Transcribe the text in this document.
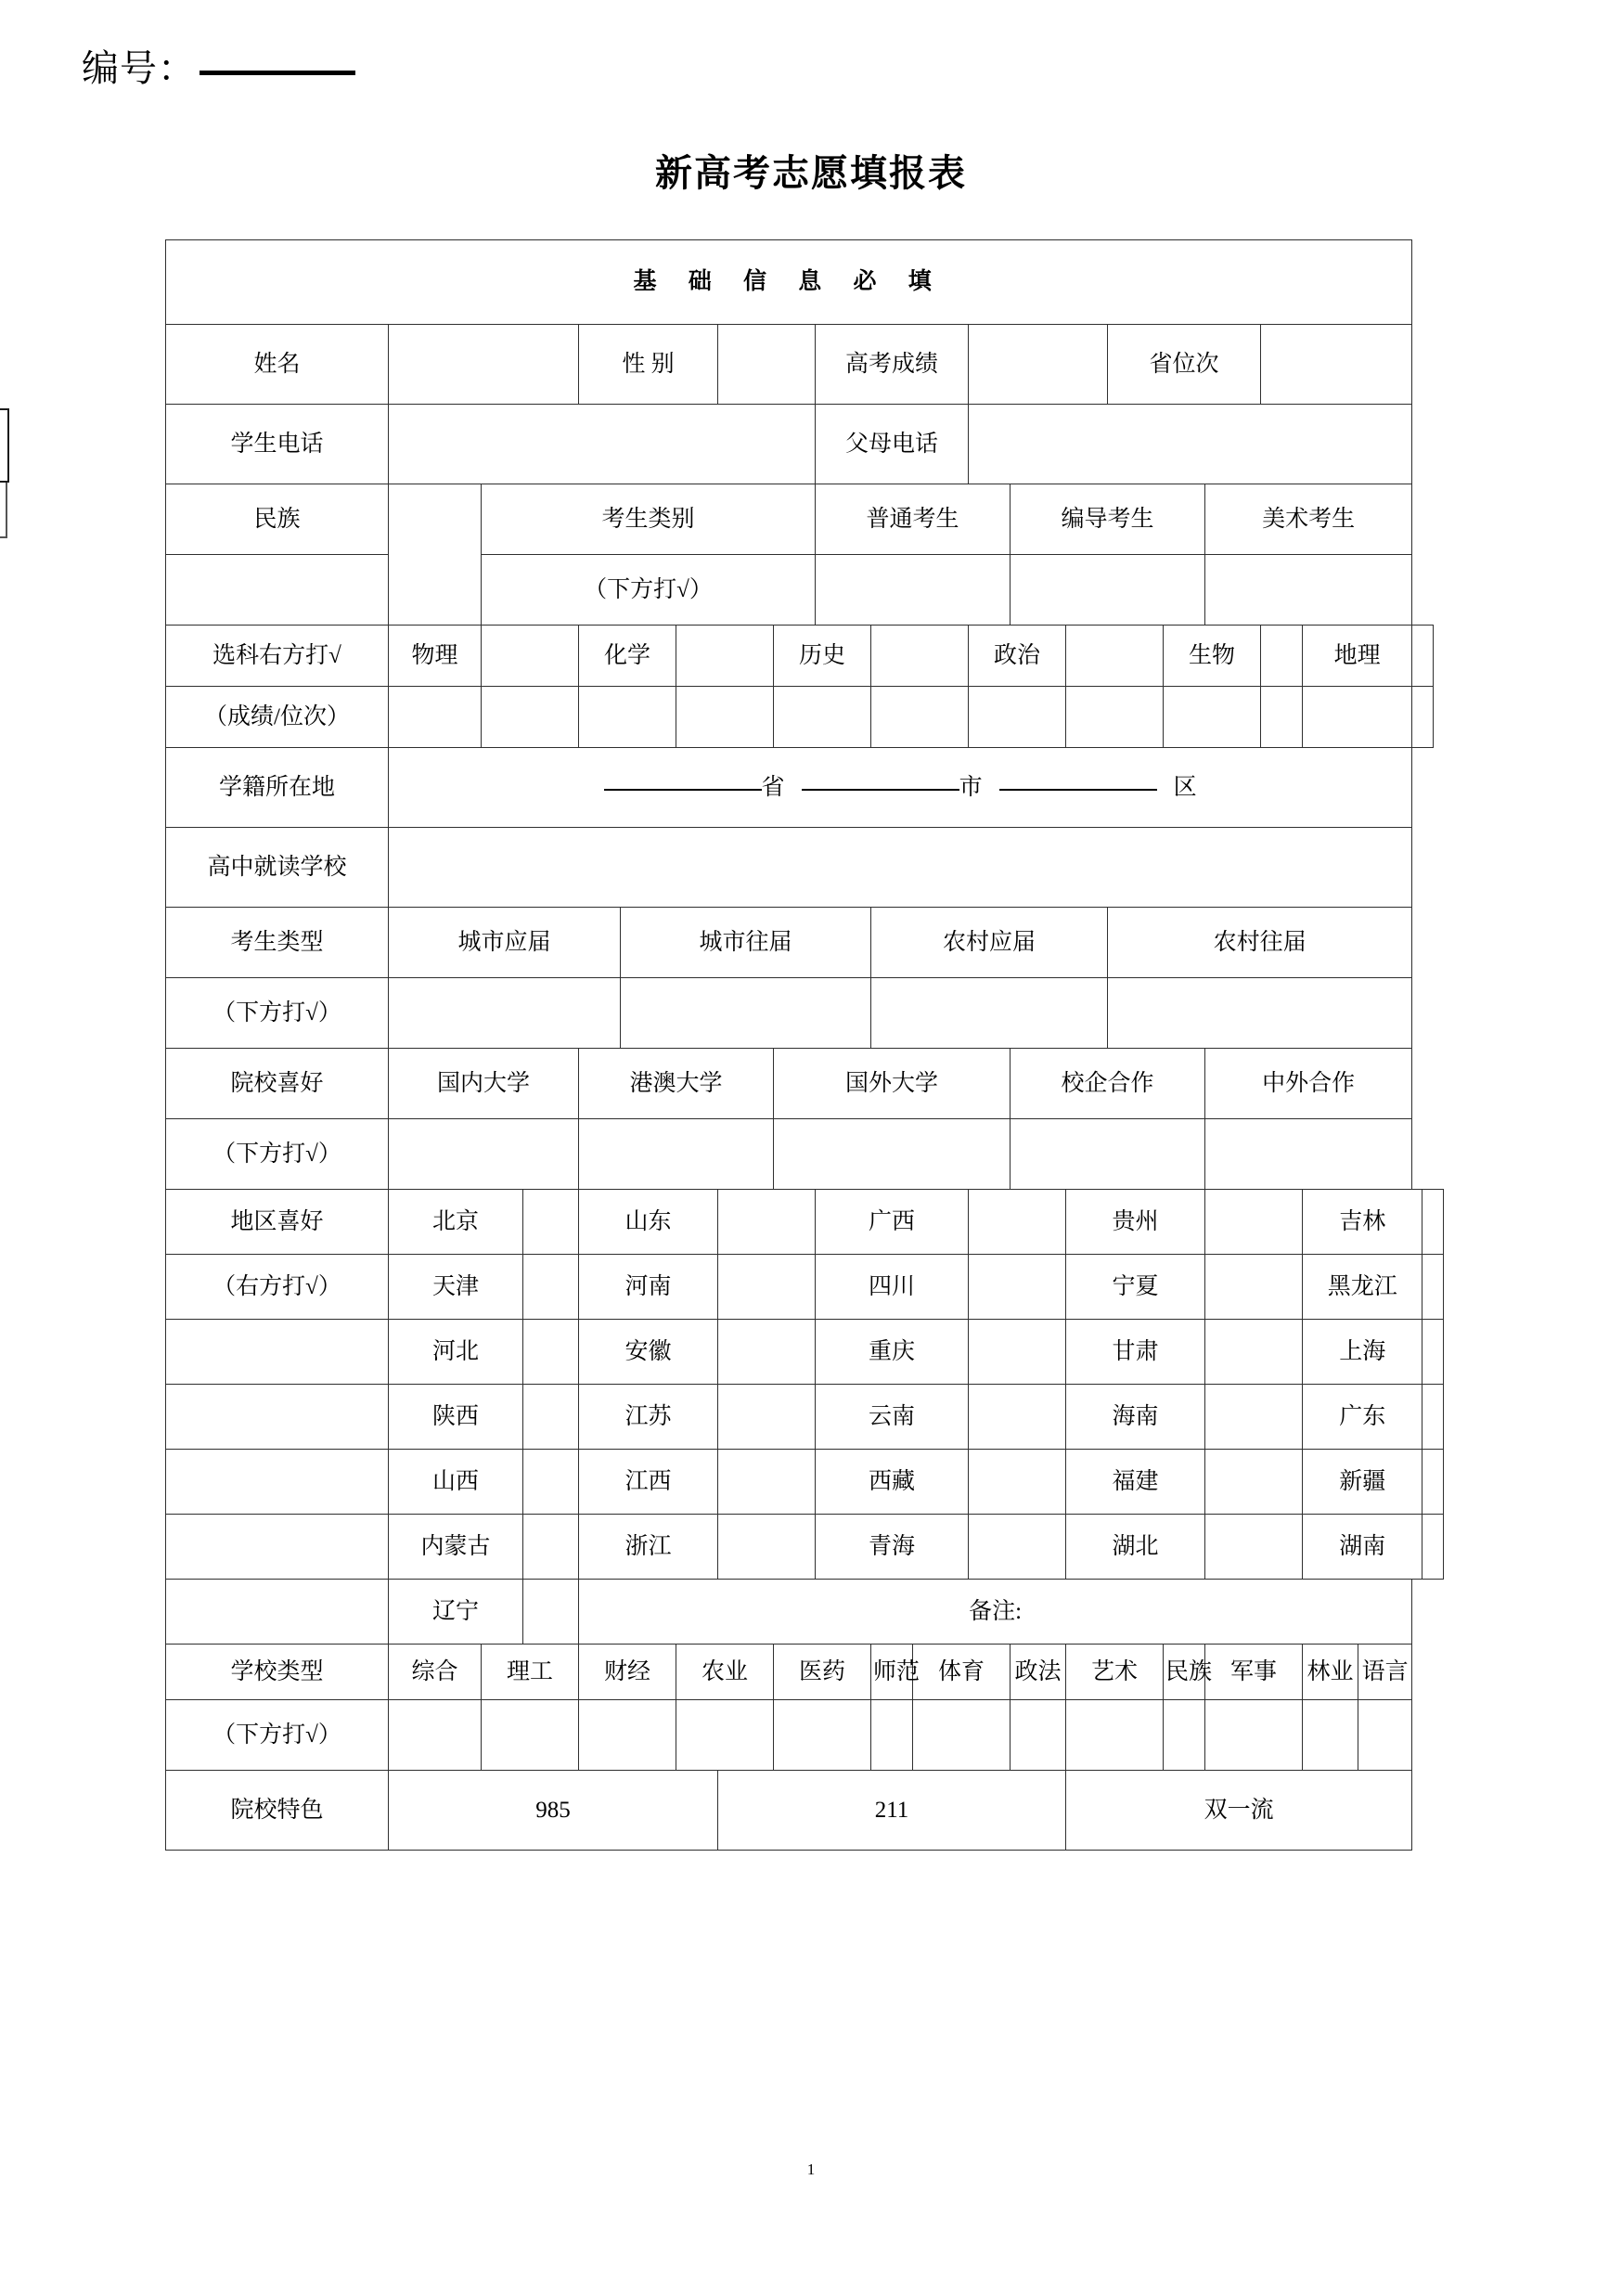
编号：
新高考志愿填报表
基 础 信 息 必 填																						
姓名				性 别					高考成绩						省位次							
学生电话									父母电话													
民族		考生类别							普通考生				编导考生				美术考生					
		（下方打√）																				
选科右方打√	物理			化学				历史				政治				生物			地理			
（成绩/位次）																						
学籍所在地	省 市 区																					
高中就读学校																						
考生类型	城市应届				城市往届					农村应届					农村往届							
（下方打√）																						
院校喜好	国内大学			港澳大学				国外大学					校企合作				中外合作					
（下方打√）																						
地区喜好	北京			山东					广西					贵州					吉林			
（右方打√）	天津			河南					四川					宁夏					黑龙江			
	河北			安徽					重庆					甘肃					上海			
	陕西			江苏					云南					海南					广东			
	山西			江西					西藏					福建					新疆			
	内蒙古			浙江					青海					湖北					湖南			
	辽宁			备注:																		
学校类型	综合	理工		财经		农业		医药		师范	体育		政法	艺术		民族	军事		林业	语言		
（下方打√）																						
院校特色	985						211							双一流								
1
